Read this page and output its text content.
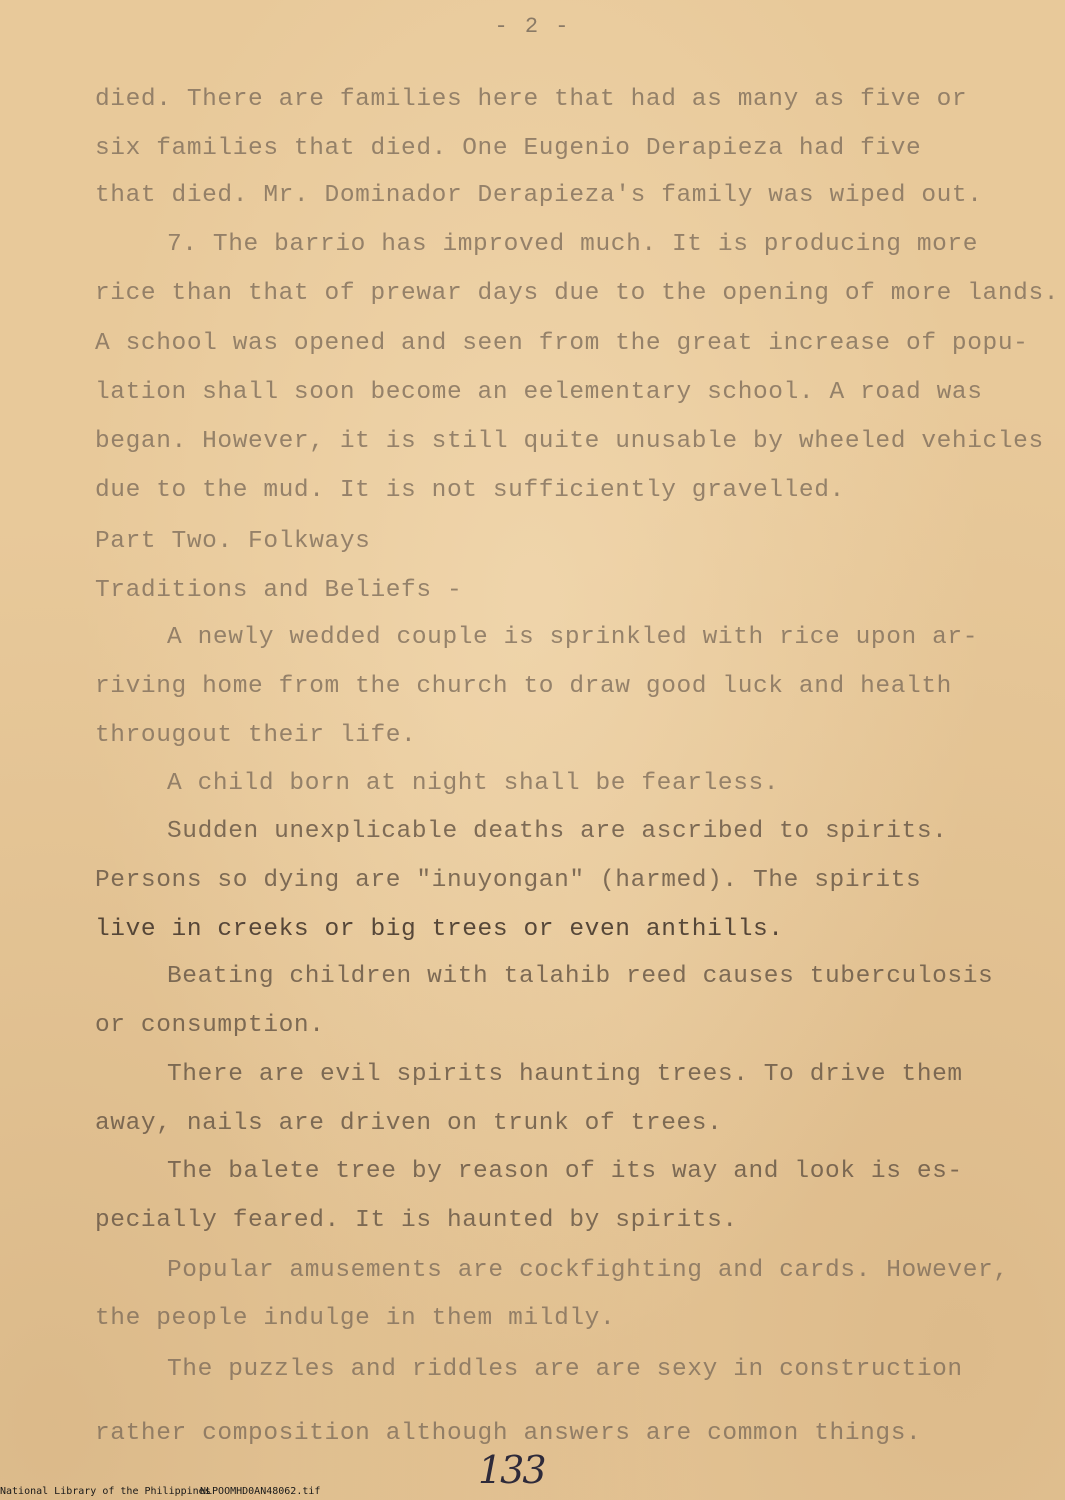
- 2 -
died. There are families here that had as many as five or
six families that died. One Eugenio Derapieza had five
that died. Mr. Dominador Derapieza's family was wiped out.
7. The barrio has improved much. It is producing more
rice than that of prewar days due to the opening of more lands.
A school was opened and seen from the great increase of popu-
lation shall soon become an eelementary school. A road was
began. However, it is still quite unusable by wheeled vehicles
due to the mud. It is not sufficiently gravelled.
Part Two. Folkways
Traditions and Beliefs -
A newly wedded couple is sprinkled with rice upon ar-
riving home from the church to draw good luck and health
througout their life.
A child born at night shall be fearless.
Sudden unexplicable deaths are ascribed to spirits.
Persons so dying are "inuyongan" (harmed). The spirits
live in creeks or big trees or even anthills.
Beating children with talahib reed causes tuberculosis
or consumption.
There are evil spirits haunting trees. To drive them
away, nails are driven on trunk of trees.
The balete tree by reason of its way and look is es-
pecially feared. It is haunted by spirits.
Popular amusements are cockfighting and cards. However,
the people indulge in them mildly.
The puzzles and riddles are are sexy in construction
rather composition although answers are common things.
133
National Library of the Philippines
NLPOOMHD0AN48062.tif
